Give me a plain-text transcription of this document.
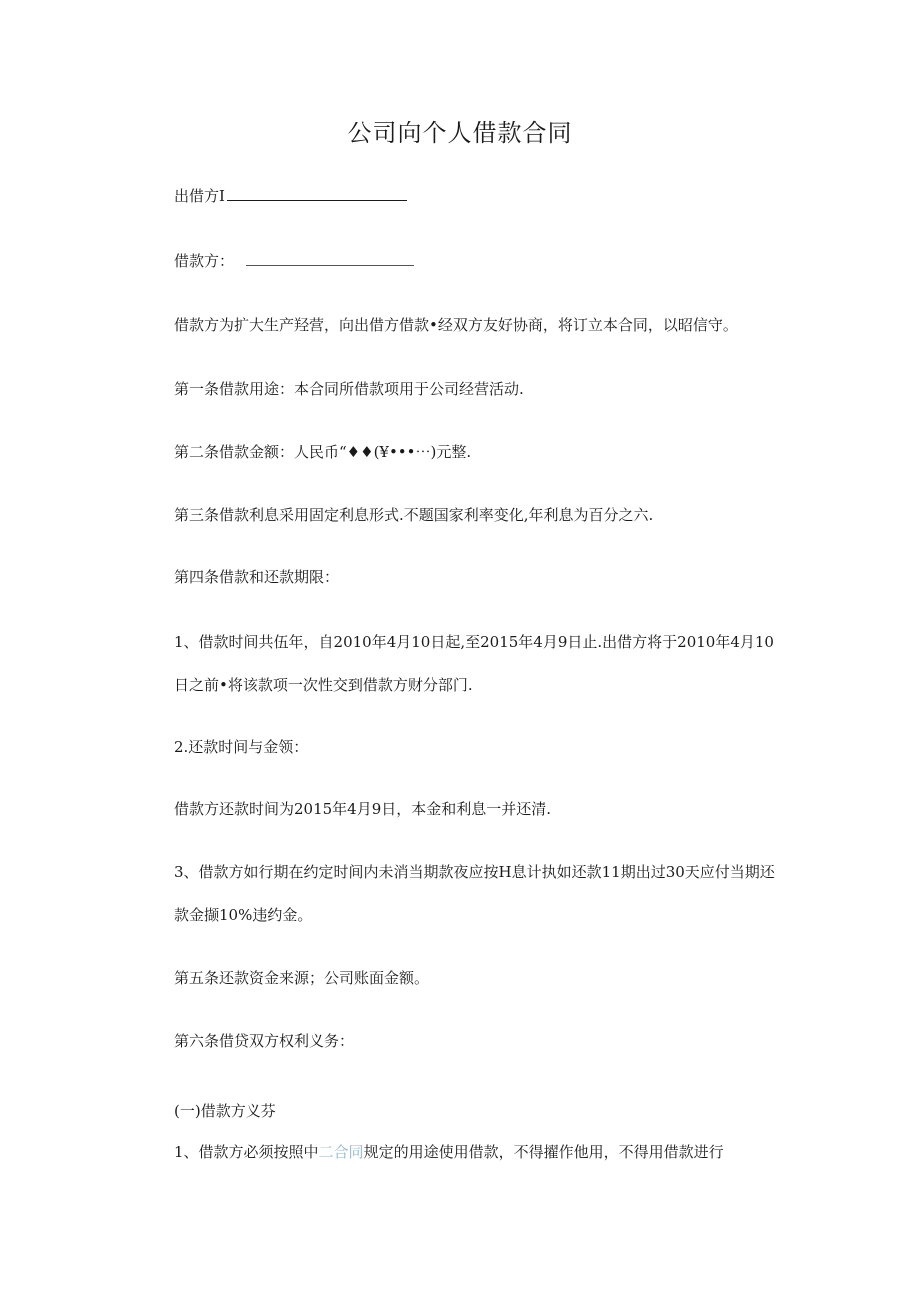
公司向个人借款合同
出借方I
借款方：
借款方为扩大生产羟营，向出借方借款•经双方友好协商，将订立本合同，以昭信守。
第一条借款用途：本合同所借款项用于公司经营活动.
第二条借款金额：人民币“♦♦(¥•••⋯)元整.
第三条借款利息采用固定利息形式.不题国家利率变化,年利息为百分之六.
第四条借款和还款期限：
1、借款时间共伍年，自2010年4月10日起,至2015年4月9日止.出借方将于2010年4月10
日之前•将该款项一次性交到借款方财分部门.
2.还款时间与金领：
借款方还款时间为2015年4月9日，本金和利息一并还清.
3、借款方如行期在约定时间内未消当期款夜应按H息计执如还款11期出过30天应付当期还
款金撷10%违约金。
第五条还款资金来源；公司账面金额。
第六条借贷双方权利义务：
(一)借款方义芬
1、借款方必须按照中二合同规定的用途使用借款，不得擢作他用，不得用借款进行
